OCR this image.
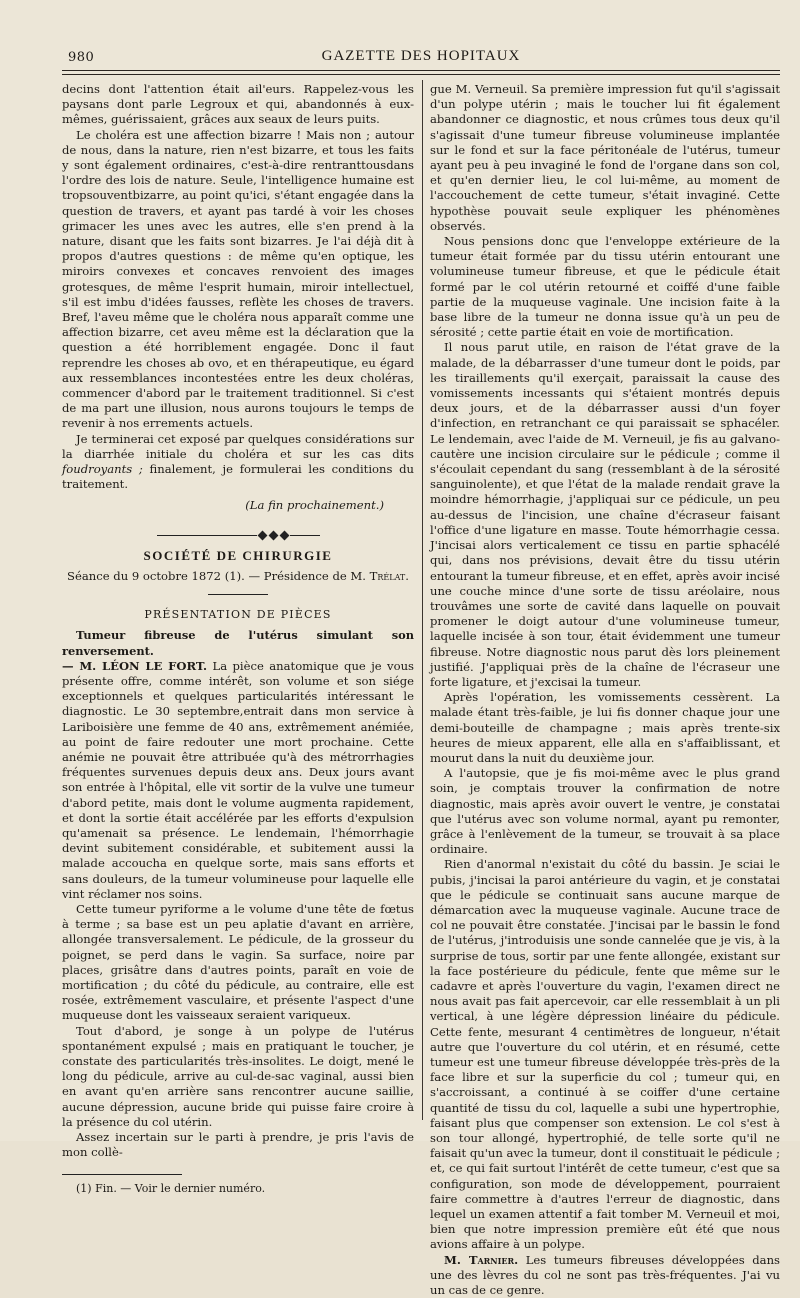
980	GAZETTE DES HOPITAUX

decins dont l'attention était ail'eurs. Rappelez-vous les paysans dont parle Legroux et qui, abandonnés à eux-mêmes, guérissaient, grâces aux seaux de leurs puits.

Le choléra est une affection bizarre ! Mais non ; autour de nous, dans la nature, rien n'est bizarre, et tous les faits y sont également ordinaires, c'est-à-dire rentranttousdans l'ordre des lois de nature. Seule, l'intelligence humaine est tropsouventbizarre, au point qu'ici, s'étant engagée dans la question de travers, et ayant pas tardé à voir les choses grimacer les unes avec les autres, elle s'en prend à la nature, disant que les faits sont bizarres. Je l'ai déjà dit à propos d'autres questions : de même qu'en optique, les miroirs convexes et concaves renvoient des images grotesques, de même l'esprit humain, miroir intellectuel, s'il est imbu d'idées fausses, reflète les choses de travers. Bref, l'aveu même que le choléra nous apparaît comme une affection bizarre, cet aveu même est la déclaration que la question a été horriblement engagée. Donc il faut reprendre les choses ab ovo, et en thérapeutique, eu égard aux ressemblances incontestées entre les deux choléras, commencer d'abord par le traitement traditionnel. Si c'est de ma part une illusion, nous aurons toujours le temps de revenir à nos errements actuels.

Je terminerai cet exposé par quelques considérations sur la diarrhée initiale du choléra et sur les cas dits foudroyants ; finalement, je formulerai les conditions du traitement.

(La fin prochainement.)

SOCIÉTÉ DE CHIRURGIE

Séance du 9 octobre 1872 (1). — Présidence de M. Trélat.

PRÉSENTATION DE PIÈCES

Tumeur fibreuse de l'utérus simulant son renversement.

— M. LÉON LE FORT. La pièce anatomique que je vous présente offre, comme intérêt, son volume et son siége exceptionnels et quelques particularités intéressant le diagnostic. Le 30 septembre,entrait dans mon service à Lariboisière une femme de 40 ans, extrêmement anémiée, au point de faire redouter une mort prochaine. Cette anémie ne pouvait être attribuée qu'à des métrorrhagies fréquentes survenues depuis deux ans. Deux jours avant son entrée à l'hôpital, elle vit sortir de la vulve une tumeur d'abord petite, mais dont le volume augmenta rapidement, et dont la sortie était accélérée par les efforts d'expulsion qu'amenait sa présence. Le lendemain, l'hémorrhagie devint subitement considérable, et subitement aussi la malade accoucha en quelque sorte, mais sans efforts et sans douleurs, de la tumeur volumineuse pour laquelle elle vint réclamer nos soins.

Cette tumeur pyriforme a le volume d'une tête de fœtus à terme ; sa base est un peu aplatie d'avant en arrière, allongée transversalement. Le pédicule, de la grosseur du poignet, se perd dans le vagin. Sa surface, noire par places, grisâtre dans d'autres points, paraît en voie de mortification ; du côté du pédicule, au contraire, elle est rosée, extrêmement vasculaire, et présente l'aspect d'une muqueuse dont les vaisseaux seraient variqueux.

Tout d'abord, je songe à un polype de l'utérus spontanément expulsé ; mais en pratiquant le toucher, je constate des particularités très-insolites. Le doigt, mené le long du pédicule, arrive au cul-de-sac vaginal, aussi bien en avant qu'en arrière sans rencontrer aucune saillie, aucune dépression, aucune bride qui puisse faire croire à la présence du col utérin.

Assez incertain sur le parti à prendre, je pris l'avis de mon collè-

(1) Fin. — Voir le dernier numéro.

gue M. Verneuil. Sa première impression fut qu'il s'agissait d'un polype utérin ; mais le toucher lui fit également abandonner ce diagnostic, et nous crûmes tous deux qu'il s'agissait d'une tumeur fibreuse volumineuse implantée sur le fond et sur la face péritonéale de l'utérus, tumeur ayant peu à peu invaginé le fond de l'organe dans son col, et qu'en dernier lieu, le col lui-même, au moment de l'accouchement de cette tumeur, s'était invaginé. Cette hypothèse pouvait seule expliquer les phénomènes observés.

Nous pensions donc que l'enveloppe extérieure de la tumeur était formée par du tissu utérin entourant une volumineuse tumeur fibreuse, et que le pédicule était formé par le col utérin retourné et coiffé d'une faible partie de la muqueuse vaginale. Une incision faite à la base libre de la tumeur ne donna issue qu'à un peu de sérosité ; cette partie était en voie de mortification.

Il nous parut utile, en raison de l'état grave de la malade, de la débarrasser d'une tumeur dont le poids, par les tiraillements qu'il exerçait, paraissait la cause des vomissements incessants qui s'étaient montrés depuis deux jours, et de la débarrasser aussi d'un foyer d'infection, en retranchant ce qui paraissait se sphacéler. Le lendemain, avec l'aide de M. Verneuil, je fis au galvano-cautère une incision circulaire sur le pédicule ; comme il s'écoulait cependant du sang (ressemblant à de la sérosité sanguinolente), et que l'état de la malade rendait grave la moindre hémorrhagie, j'appliquai sur ce pédicule, un peu au-dessus de l'incision, une chaîne d'écraseur faisant l'office d'une ligature en masse. Toute hémorrhagie cessa. J'incisai alors verticalement ce tissu en partie sphacélé qui, dans nos prévisions, devait être du tissu utérin entourant la tumeur fibreuse, et en effet, après avoir incisé une couche mince d'une sorte de tissu aréolaire, nous trouvâmes une sorte de cavité dans laquelle on pouvait promener le doigt autour d'une volumineuse tumeur, laquelle incisée à son tour, était évidemment une tumeur fibreuse. Notre diagnostic nous parut dès lors pleinement justifié. J'appliquai près de la chaîne de l'écraseur une forte ligature, et j'excisai la tumeur.

Après l'opération, les vomissements cessèrent. La malade étant très-faible, je lui fis donner chaque jour une demi-bouteille de champagne ; mais après trente-six heures de mieux apparent, elle alla en s'affaiblissant, et mourut dans la nuit du deuxième jour.

A l'autopsie, que je fis moi-même avec le plus grand soin, je comptais trouver la confirmation de notre diagnostic, mais après avoir ouvert le ventre, je constatai que l'utérus avec son volume normal, ayant pu remonter, grâce à l'enlèvement de la tumeur, se trouvait à sa place ordinaire.

Rien d'anormal n'existait du côté du bassin. Je sciai le pubis, j'incisai la paroi antérieure du vagin, et je constatai que le pédicule se continuait sans aucune marque de démarcation avec la muqueuse vaginale. Aucune trace de col ne pouvait être constatée. J'incisai par le bassin le fond de l'utérus, j'introduisis une sonde cannelée que je vis, à la surprise de tous, sortir par une fente allongée, existant sur la face postérieure du pédicule, fente que même sur le cadavre et après l'ouverture du vagin, l'examen direct ne nous avait pas fait apercevoir, car elle ressemblait à un pli vertical, à une légère dépression linéaire du pédicule. Cette fente, mesurant 4 centimètres de longueur, n'était autre que l'ouverture du col utérin, et en résumé, cette tumeur est une tumeur fibreuse développée très-près de la face libre et sur la superficie du col ; tumeur qui, en s'accroissant, a continué à se coiffer d'une certaine quantité de tissu du col, laquelle a subi une hypertrophie, faisant plus que compenser son extension. Le col s'est à son tour allongé, hypertrophié, de telle sorte qu'il ne faisait qu'un avec la tumeur, dont il constituait le pédicule ; et, ce qui fait surtout l'intérêt de cette tumeur, c'est que sa configuration, son mode de développement, pourraient faire commettre à d'autres l'erreur de diagnostic, dans lequel un examen attentif a fait tomber M. Verneuil et moi, bien que notre impression première eût été que nous avions affaire à un polype.

M. Tarnier. Les tumeurs fibreuses développées dans une des lèvres du col ne sont pas très-fréquentes. J'ai vu un cas de ce genre.
